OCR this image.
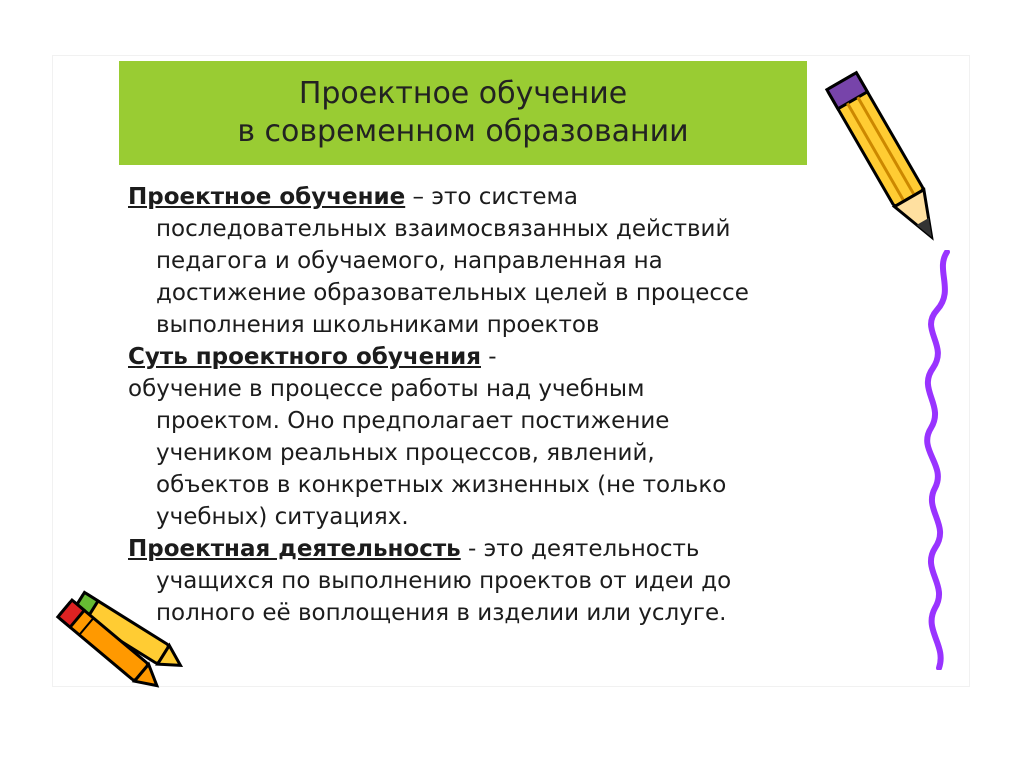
Проектное обучение
в современном образовании
Проектное обучение – это система
последовательных взаимосвязанных действий
педагога и обучаемого, направленная на
достижение образовательных целей в процессе
выполнения школьниками проектов
Суть проектного обучения -
обучение в процессе работы над учебным
проектом. Оно предполагает постижение
учеником реальных процессов, явлений,
объектов в конкретных жизненных (не только
учебных) ситуациях.
Проектная деятельность - это деятельность
учащихся по выполнению проектов от идеи до
полного её воплощения в изделии или услуге.
